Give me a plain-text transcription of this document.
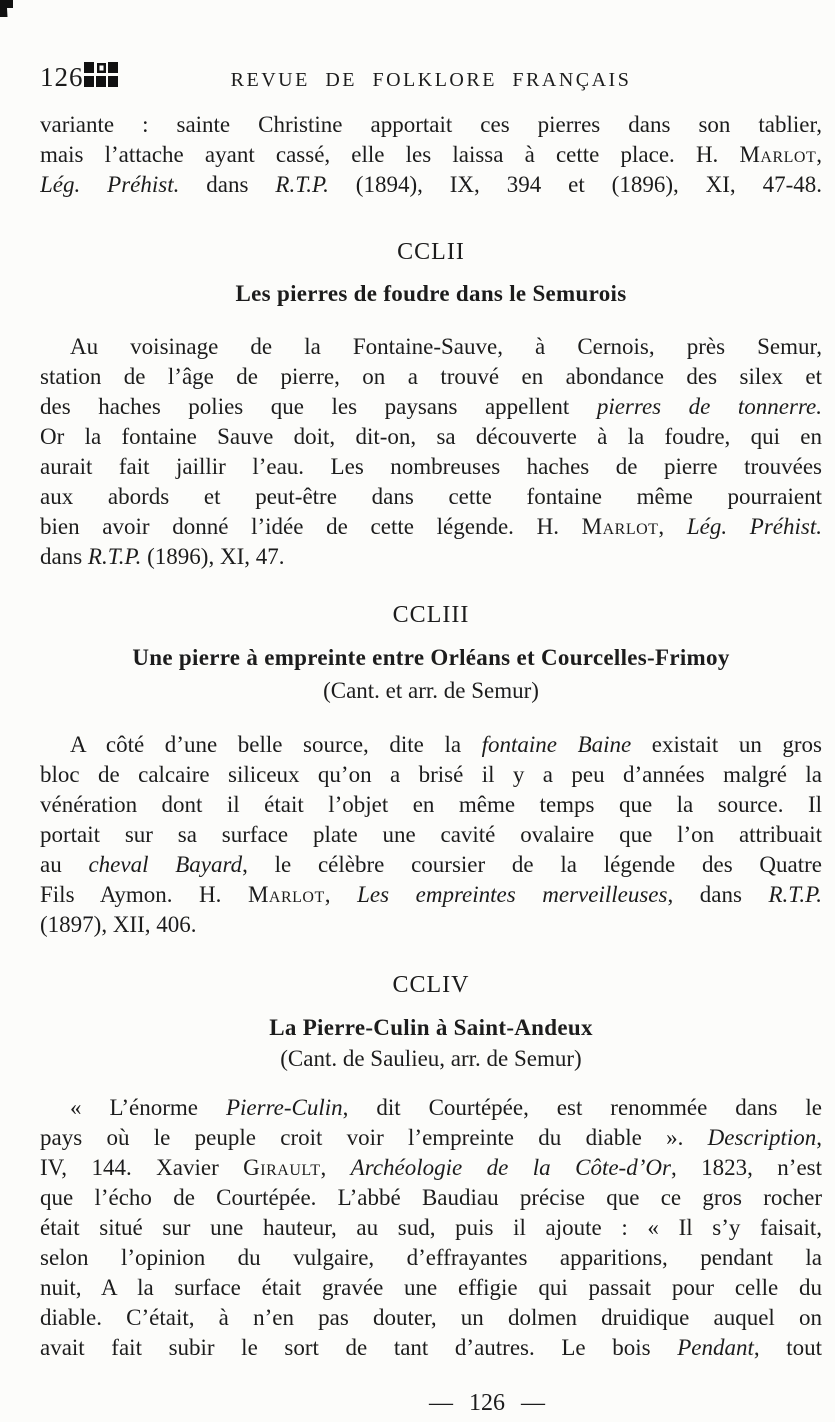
126	REVUE DE FOLKLORE FRANÇAIS
variante : sainte Christine apportait ces pierres dans son tablier,
mais l’attache ayant cassé, elle les laissa à cette place. H. Marlot,
Lég. Préhist. dans R.T.P. (1894), IX, 394 et (1896), XI, 47-48.
CCLII
Les pierres de foudre dans le Semurois
Au voisinage de la Fontaine-Sauve, à Cernois, près Semur,
station de l’âge de pierre, on a trouvé en abondance des silex et
des haches polies que les paysans appellent pierres de tonnerre.
Or la fontaine Sauve doit, dit-on, sa découverte à la foudre, qui en
aurait fait jaillir l’eau. Les nombreuses haches de pierre trouvées
aux abords et peut-être dans cette fontaine même pourraient
bien avoir donné l’idée de cette légende. H. Marlot, Lég. Préhist.
dans R.T.P. (1896), XI, 47.
CCLIII
Une pierre à empreinte entre Orléans et Courcelles-Frimoy
(Cant. et arr. de Semur)
A côté d’une belle source, dite la fontaine Baine existait un gros
bloc de calcaire siliceux qu’on a brisé il y a peu d’années malgré la
vénération dont il était l’objet en même temps que la source. Il
portait sur sa surface plate une cavité ovalaire que l’on attribuait
au cheval Bayard, le célèbre coursier de la légende des Quatre
Fils Aymon. H. Marlot, Les empreintes merveilleuses, dans R.T.P.
(1897), XII, 406.
CCLIV
La Pierre-Culin à Saint-Andeux
(Cant. de Saulieu, arr. de Semur)
« L’énorme Pierre-Culin, dit Courtépée, est renommée dans le
pays où le peuple croit voir l’empreinte du diable ». Description,
IV, 144. Xavier Girault, Archéologie de la Côte-d’Or, 1823, n’est
que l’écho de Courtépée. L’abbé Baudiau précise que ce gros rocher
était situé sur une hauteur, au sud, puis il ajoute : « Il s’y faisait,
selon l’opinion du vulgaire, d’effrayantes apparitions, pendant la
nuit, A la surface était gravée une effigie qui passait pour celle du
diable. C’était, à n’en pas douter, un dolmen druidique auquel on
avait fait subir le sort de tant d’autres. Le bois Pendant, tout
— 126 —
